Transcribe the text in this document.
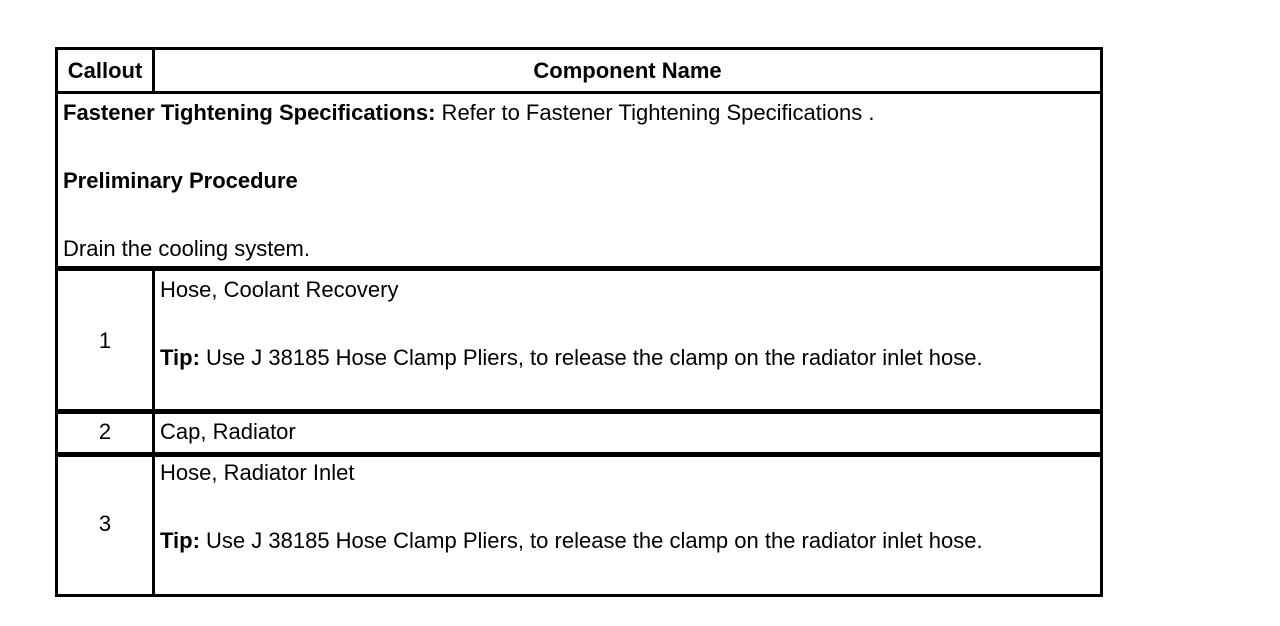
Callout	Component Name
Fastener Tightening Specifications: Refer to Fastener Tightening Specifications .
Preliminary Procedure
Drain the cooling system.
1
Hose, Coolant Recovery
Tip: Use J 38185 Hose Clamp Pliers, to release the clamp on the radiator inlet hose.
2	Cap, Radiator
3
Hose, Radiator Inlet
Tip: Use J 38185 Hose Clamp Pliers, to release the clamp on the radiator inlet hose.
